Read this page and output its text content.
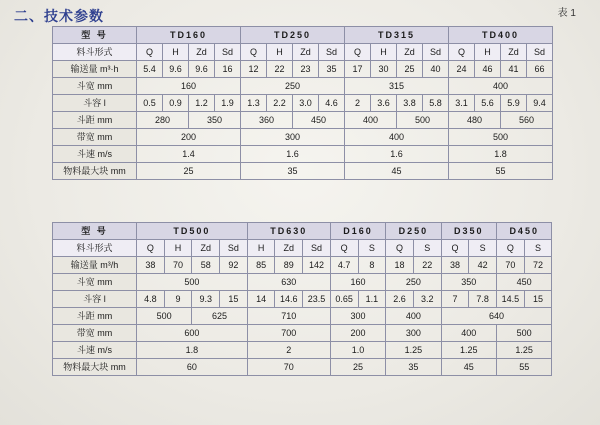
二、技术参数	表 1
型 号	TD160				TD250				TD315				TD400			
料斗形式	Q	H	Zd	Sd	Q	H	Zd	Sd	Q	H	Zd	Sd	Q	H	Zd	Sd
输送量 m³·h	5.4	9.6	9.6	16	12	22	23	35	17	30	25	40	24	46	41	66
斗宽 mm	160				250				315				400			
斗容 l	0.5	0.9	1.2	1.9	1.3	2.2	3.0	4.6	2	3.6	3.8	5.8	3.1	5.6	5.9	9.4
斗距 mm	280		350		360		450		400		500		480		560	
带宽 mm	200				300				400				500			
斗速 m/s	1.4				1.6				1.6				1.8			
物料最大块 mm	25				35				45				55			
型 号	TD500				TD630			D160		D250		D350		D450	
料斗形式	Q	H	Zd	Sd	H	Zd	Sd	Q	S	Q	S	Q	S	Q	S
输送量 m³/h	38	70	58	92	85	89	142	4.7	8	18	22	38	42	70	72
斗宽 mm	500				630			160		250		350		450	
斗容 l	4.8	9	9.3	15	14	14.6	23.5	0.65	1.1	2.6	3.2	7	7.8	14.5	15
斗距 mm	500		625		710			300		400		640			
带宽 mm	600				700			200		300		400		500	
斗速 m/s	1.8				2			1.0		1.25		1.25		1.25	
物料最大块 mm	60				70			25		35		45		55	
